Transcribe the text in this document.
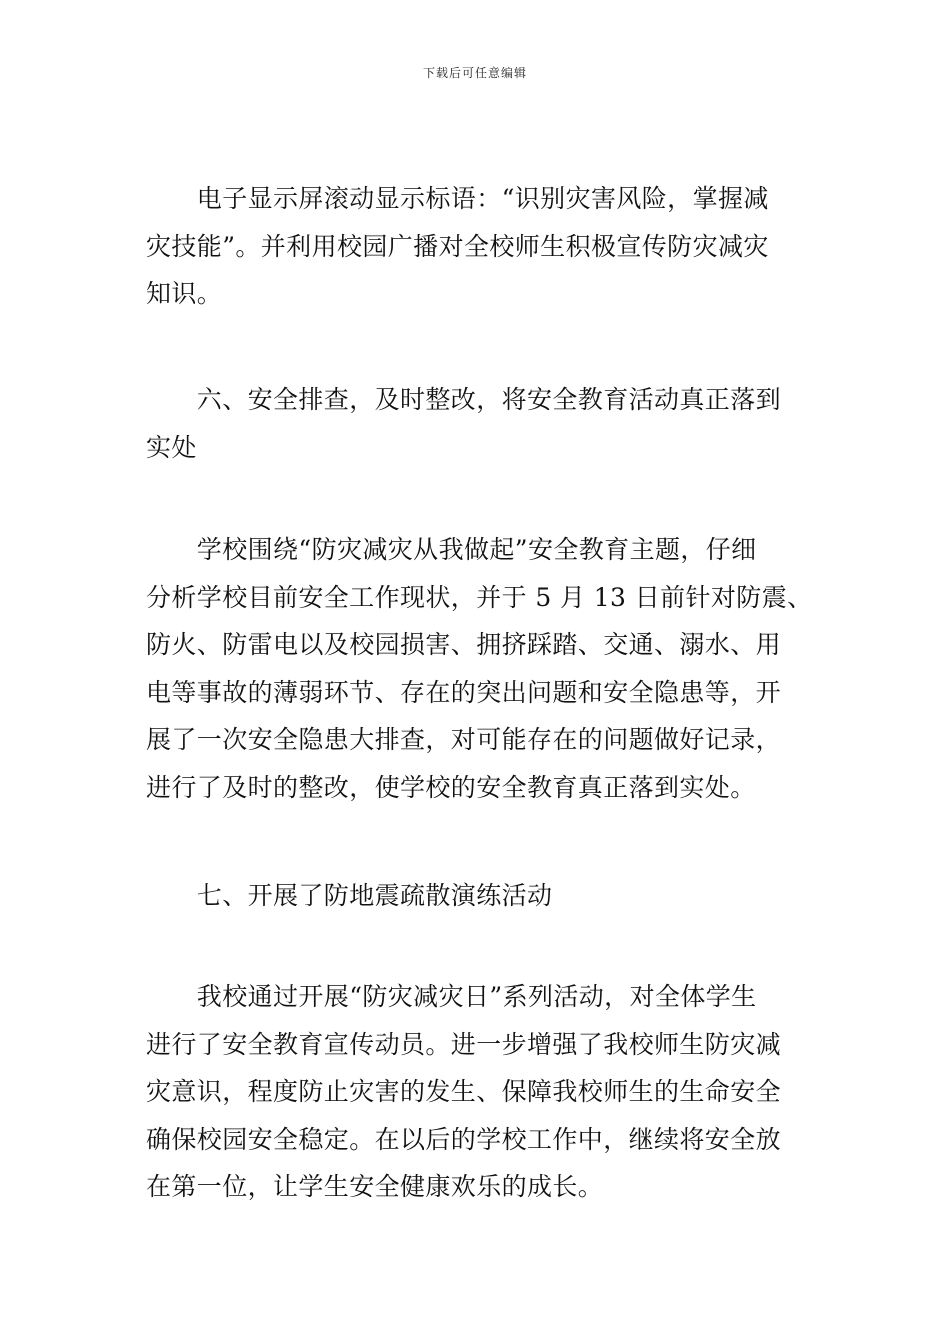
下载后可任意编辑
　　电子显示屏滚动显示标语：“识别灾害风险，掌握减
灾技能”。并利用校园广播对全校师生积极宣传防灾减灾
知识。
　　六、安全排查，及时整改，将安全教育活动真正落到
实处
　　学校围绕“防灾减灾从我做起”安全教育主题，仔细
分析学校目前安全工作现状，并于 5 月 13 日前针对防震、
防火、防雷电以及校园损害、拥挤踩踏、交通、溺水、用
电等事故的薄弱环节、存在的突出问题和安全隐患等，开
展了一次安全隐患大排查，对可能存在的问题做好记录，
进行了及时的整改，使学校的安全教育真正落到实处。
　　七、开展了防地震疏散演练活动
　　我校通过开展“防灾减灾日”系列活动，对全体学生
进行了安全教育宣传动员。进一步增强了我校师生防灾减
灾意识，程度防止灾害的发生、保障我校师生的生命安全
确保校园安全稳定。在以后的学校工作中，继续将安全放
在第一位，让学生安全健康欢乐的成长。
